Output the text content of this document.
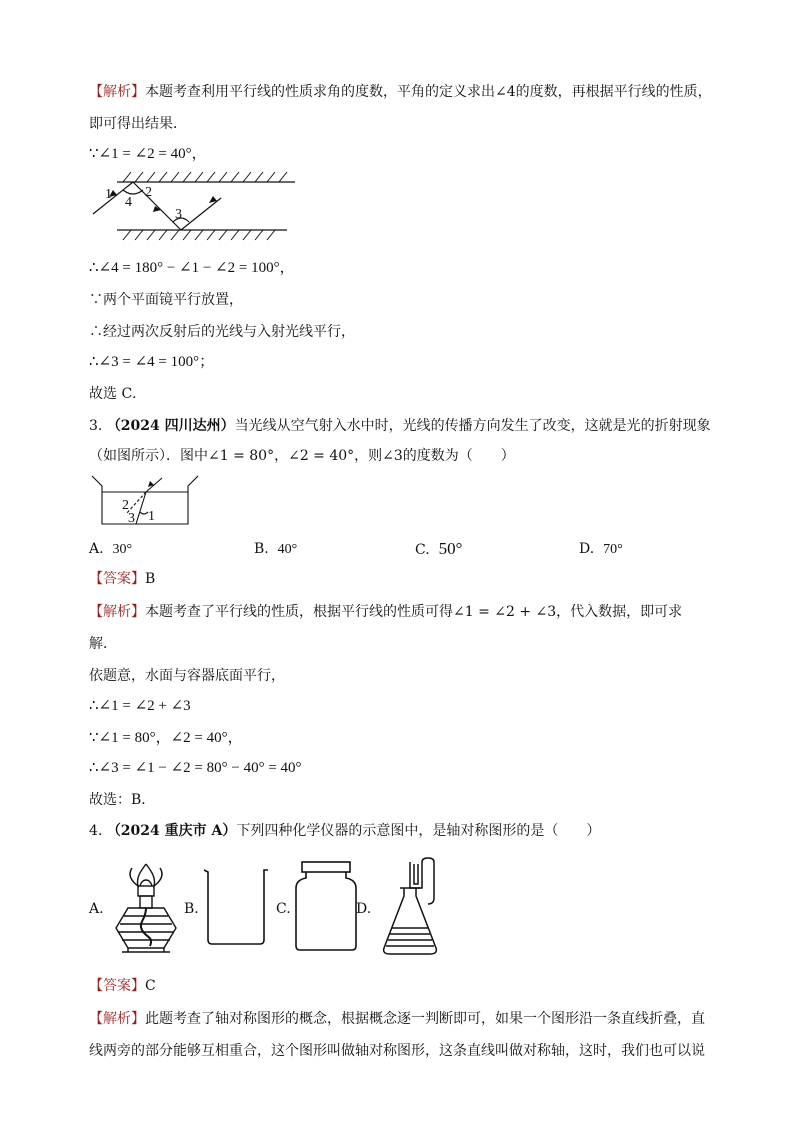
【解析】本题考查利用平行线的性质求角的度数，平角的定义求出∠4的度数，再根据平行线的性质，
即可得出结果．
∵∠1 = ∠2 = 40°，
1 2
4
3
∴∠4 = 180° − ∠1 − ∠2 = 100°，
∵两个平面镜平行放置，
∴经过两次反射后的光线与入射光线平行，
∴∠3 = ∠4 = 100°；
故选 C．
3. （2024 四川达州）当光线从空气射入水中时，光线的传播方向发生了改变，这就是光的折射现象
（如图所示）．图中∠1 = 80°，∠2 = 40°，则∠3的度数为（　　）
2
3 1
A. 30°	B. 40°	C. 50°	D. 70°
【答案】B
【解析】本题考查了平行线的性质，根据平行线的性质可得∠1 = ∠2 + ∠3，代入数据，即可求
解．
依题意，水面与容器底面平行，
∴∠1 = ∠2 + ∠3
∵∠1 = 80°，∠2 = 40°，
∴∠3 = ∠1 − ∠2 = 80° − 40° = 40°
故选：B．
4. （2024 重庆市 A）下列四种化学仪器的示意图中，是轴对称图形的是（　　）
A.	B.	C.	D.
【答案】C
【解析】此题考查了轴对称图形的概念，根据概念逐一判断即可，如果一个图形沿一条直线折叠，直
线两旁的部分能够互相重合，这个图形叫做轴对称图形，这条直线叫做对称轴，这时，我们也可以说
